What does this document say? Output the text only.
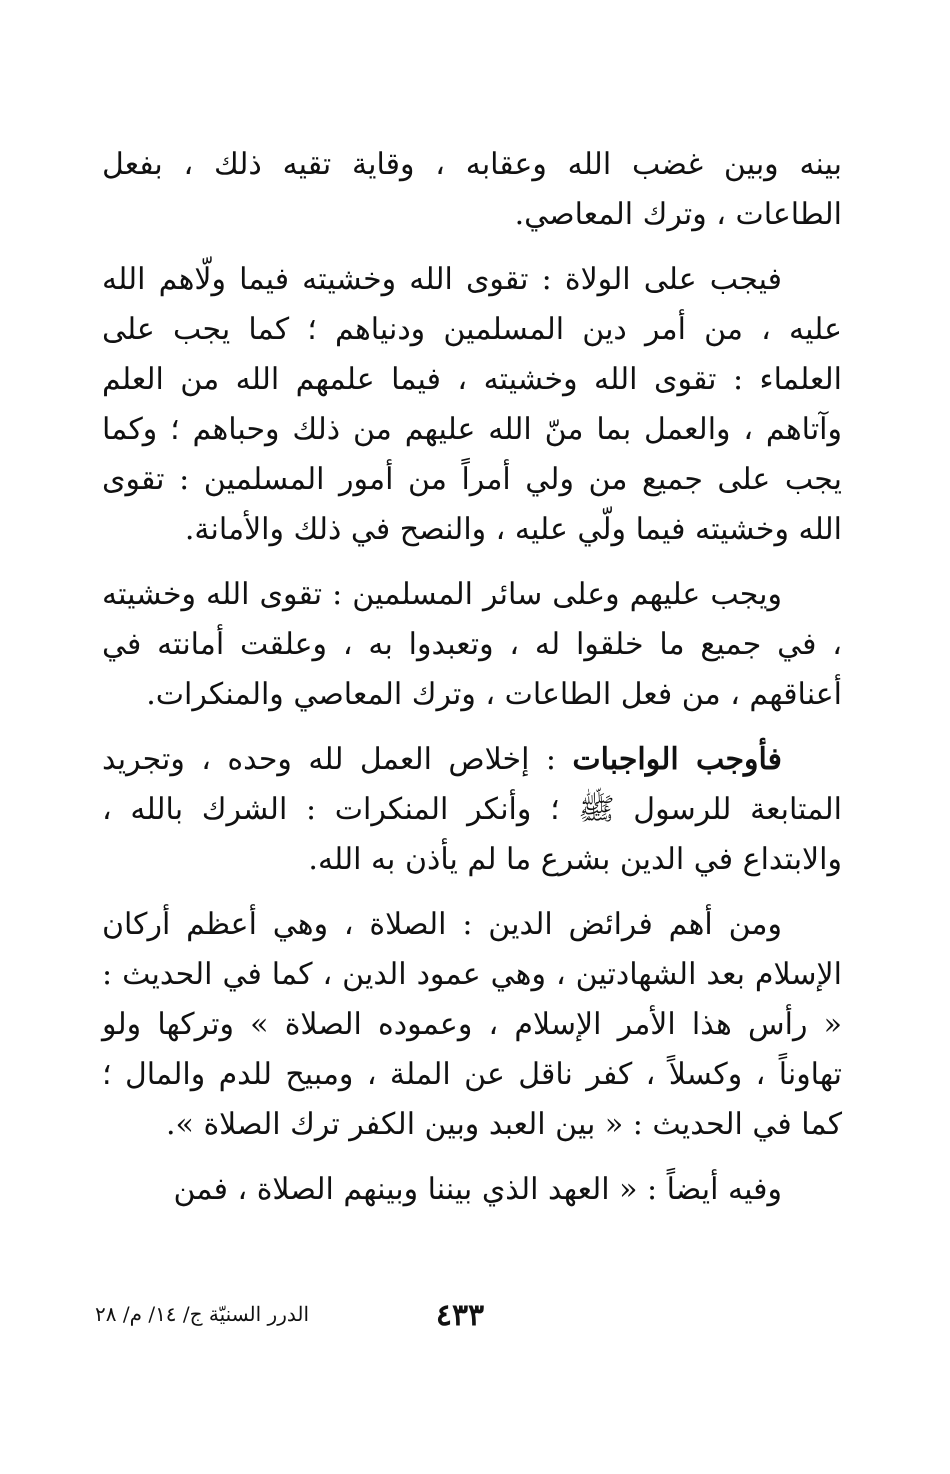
بينه وبين غضب الله وعقابه ، وقاية تقيه ذلك ، بفعل الطاعات ، وترك المعاصي.

فيجب على الولاة : تقوى الله وخشيته فيما ولّاهم الله عليه ، من أمر دين المسلمين ودنياهم ؛ كما يجب على العلماء : تقوى الله وخشيته ، فيما علمهم الله من العلم وآتاهم ، والعمل بما منّ الله عليهم من ذلك وحباهم ؛ وكما يجب على جميع من ولي أمراً من أمور المسلمين : تقوى الله وخشيته فيما ولّي عليه ، والنصح في ذلك والأمانة.

ويجب عليهم وعلى سائر المسلمين : تقوى الله وخشيته ، في جميع ما خلقوا له ، وتعبدوا به ، وعلقت أمانته في أعناقهم ، من فعل الطاعات ، وترك المعاصي والمنكرات.

فأوجب الواجبات : إخلاص العمل لله وحده ، وتجريد المتابعة للرسول ﷺ ؛ وأنكر المنكرات : الشرك بالله ، والابتداع في الدين بشرع ما لم يأذن به الله.

ومن أهم فرائض الدين : الصلاة ، وهي أعظم أركان الإسلام بعد الشهادتين ، وهي عمود الدين ، كما في الحديث : « رأس هذا الأمر الإسلام ، وعموده الصلاة » وتركها ولو تهاوناً ، وكسلاً ، كفر ناقل عن الملة ، ومبيح للدم والمال ؛ كما في الحديث : « بين العبد وبين الكفر ترك الصلاة ».

وفيه أيضاً : « العهد الذي بيننا وبينهم الصلاة ، فمن

٤٣٣
الدرر السنيّة ج/ ١٤/ م/ ٢٨
